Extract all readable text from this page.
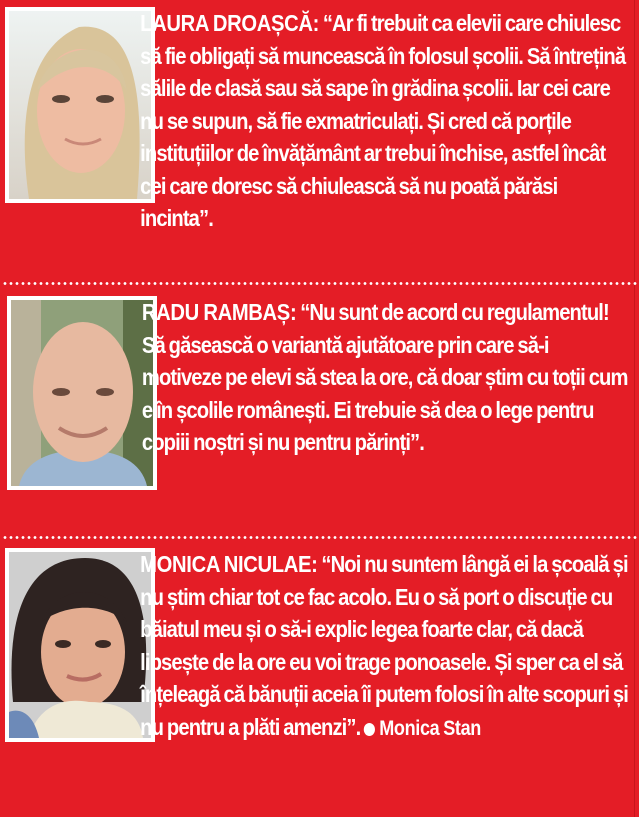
LAURA DROAȘCĂ: “Ar fi trebuit ca elevii care chiulesc să fie obligați să muncească în folosul școlii. Să întrețină sălile de clasă sau să sape în grădina școlii. Iar cei care nu se supun, să fie exmatriculați. Și cred că porțile instituțiilor de învățământ ar trebui închise, astfel încât cei care doresc să chiulească să nu poată părăsi incinta”.

RADU RAMBAȘ: “Nu sunt de acord cu regulamentul! Să găsească o variantă ajutătoare prin care să-i motiveze pe elevi să stea la ore, că doar știm cu toții cum e în școlile românești. Ei trebuie să dea o lege pentru copiii noștri și nu pentru părinți”.

MONICA NICULAE: “Noi nu suntem lângă ei la școală și nu știm chiar tot ce fac acolo. Eu o să port o discuție cu băiatul meu și o să-i explic legea foarte clar, că dacă lipsește de la ore eu voi trage ponoasele. Și sper ca el să înțeleagă că bănuții aceia îi putem folosi în alte scopuri și nu pentru a plăti amenzi”. Monica Stan
